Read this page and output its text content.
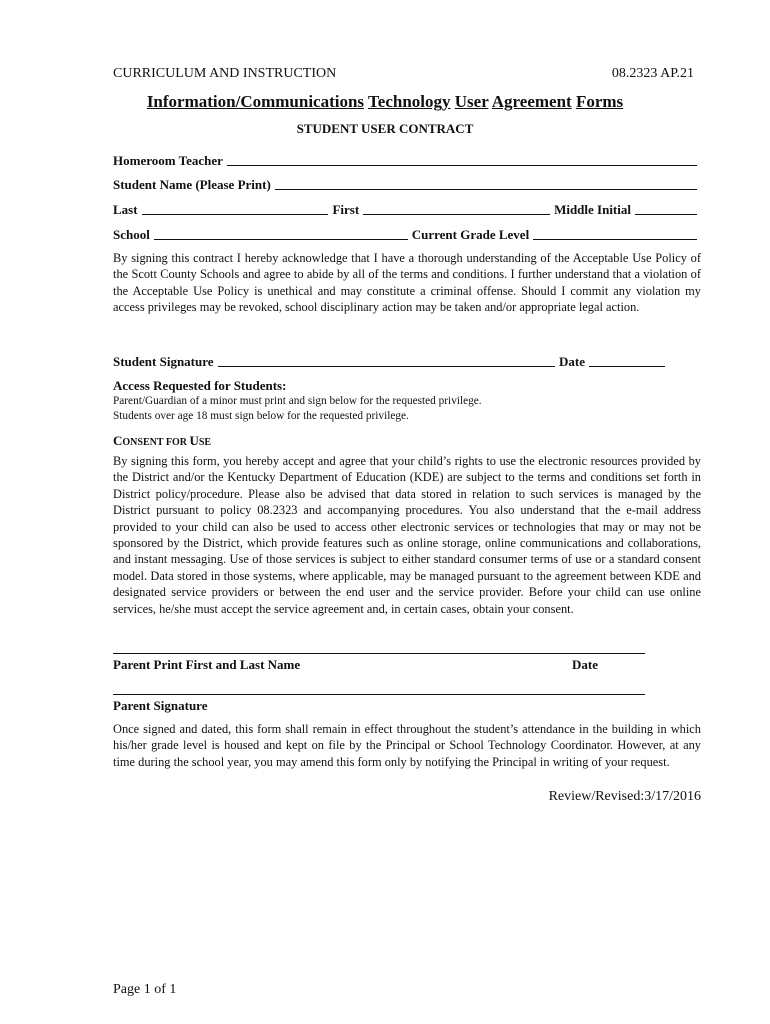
CURRICULUM AND INSTRUCTION	08.2323 AP.21
Information/Communications Technology User Agreement Forms
STUDENT USER CONTRACT
Homeroom Teacher
Student Name (Please Print)
Last	First	Middle Initial
School	Current Grade Level
By signing this contract I hereby acknowledge that I have a thorough understanding of the Acceptable Use Policy of the Scott County Schools and agree to abide by all of the terms and conditions. I further understand that a violation of the Acceptable Use Policy is unethical and may constitute a criminal offense. Should I commit any violation my access privileges may be revoked, school disciplinary action may be taken and/or appropriate legal action.
Student Signature	Date
Access Requested for Students:
Parent/Guardian of a minor must print and sign below for the requested privilege.
Students over age 18 must sign below for the requested privilege.
CONSENT FOR USE
By signing this form, you hereby accept and agree that your child’s rights to use the electronic resources provided by the District and/or the Kentucky Department of Education (KDE) are subject to the terms and conditions set forth in District policy/procedure. Please also be advised that data stored in relation to such services is managed by the District pursuant to policy 08.2323 and accompanying procedures. You also understand that the e-mail address provided to your child can also be used to access other electronic services or technologies that may or may not be sponsored by the District, which provide features such as online storage, online communications and collaborations, and instant messaging. Use of those services is subject to either standard consumer terms of use or a standard consent model. Data stored in those systems, where applicable, may be managed pursuant to the agreement between KDE and designated service providers or between the end user and the service provider. Before your child can use online services, he/she must accept the service agreement and, in certain cases, obtain your consent.
Parent Print First and Last Name	Date
Parent Signature
Once signed and dated, this form shall remain in effect throughout the student’s attendance in the building in which his/her grade level is housed and kept on file by the Principal or School Technology Coordinator. However, at any time during the school year, you may amend this form only by notifying the Principal in writing of your request.
Review/Revised:3/17/2016
Page 1 of 1
